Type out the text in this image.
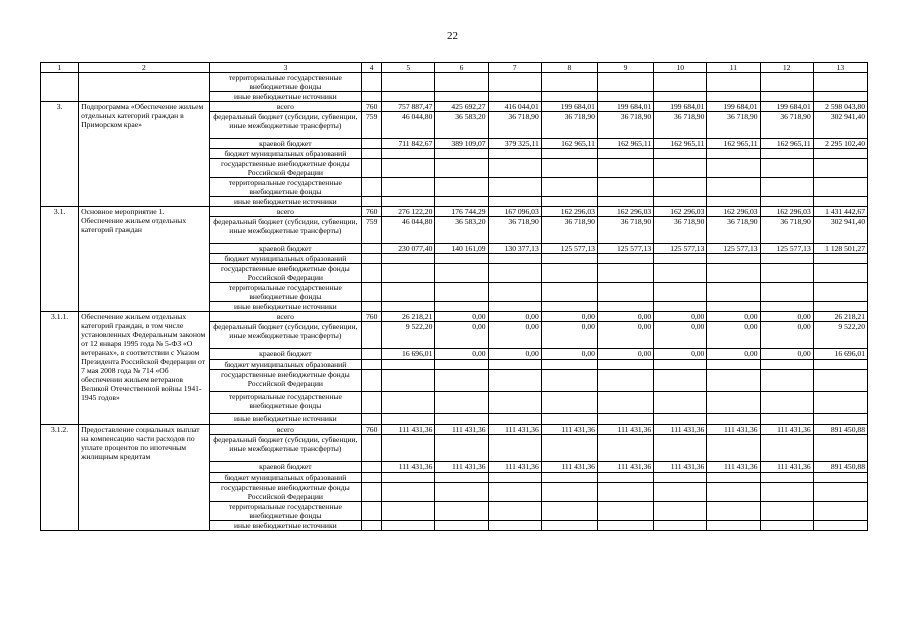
22
1	2	3	4	5	6	7	8	9	10	11	12	13
		территориальные государственные внебюджетные фонды										
		иные внебюджетные источники										
3.	Подпрограмма «Обеспечение жильем отдельных категорий граждан в Приморском крае»	всего	760	757 887,47	425 692,27	416 044,01	199 684,01	199 684,01	199 684,01	199 684,01	199 684,01	2 598 043,80
		федеральный бюджет (субсидии, субвенции, иные межбюджетные трансферты)	759	46 044,80	36 583,20	36 718,90	36 718,90	36 718,90	36 718,90	36 718,90	36 718,90	302 941,40
		краевой бюджет		711 842,67	389 109,07	379 325,11	162 965,11	162 965,11	162 965,11	162 965,11	162 965,11	2 295 102,40
		бюджет муниципальных образований										
		государственные внебюджетные фонды Российской Федерации										
		территориальные государственные внебюджетные фонды										
		иные внебюджетные источники										
3.1.	Основное мероприятие 1. Обеспечение жильем отдельных категорий граждан	всего	760	276 122,20	176 744,29	167 096,03	162 296,03	162 296,03	162 296,03	162 296,03	162 296,03	1 431 442,67
		федеральный бюджет (субсидии, субвенции, иные межбюджетные трансферты)	759	46 044,80	36 583,20	36 718,90	36 718,90	36 718,90	36 718,90	36 718,90	36 718,90	302 941,40
		краевой бюджет		230 077,40	140 161,09	130 377,13	125 577,13	125 577,13	125 577,13	125 577,13	125 577,13	1 128 501,27
		бюджет муниципальных образований										
		государственные внебюджетные фонды Российской Федерации										
		территориальные государственные внебюджетные фонды										
		иные внебюджетные источники										
3.1.1.	Обеспечение жильем отдельных категорий граждан, в том числе установленных Федеральным законом от 12 января 1995 года № 5-ФЗ «О ветеранах», в соответствии с Указом Президента Российской Федерации от 7 мая 2008 года № 714 «Об обеспечении жильем ветеранов Великой Отечественной войны 1941-1945 годов»	всего	760	26 218,21	0,00	0,00	0,00	0,00	0,00	0,00	0,00	26 218,21
		федеральный бюджет (субсидии, субвенции, иные межбюджетные трансферты)		9 522,20	0,00	0,00	0,00	0,00	0,00	0,00	0,00	9 522,20
		краевой бюджет		16 696,01	0,00	0,00	0,00	0,00	0,00	0,00	0,00	16 696,01
		бюджет муниципальных образований										
		государственные внебюджетные фонды Российской Федерации										
		территориальные государственные внебюджетные фонды										
		иные внебюджетные источники										
3.1.2.	Предоставление социальных выплат на компенсацию части расходов по уплате процентов по ипотечным жилищным кредитам	всего	760	111 431,36	111 431,36	111 431,36	111 431,36	111 431,36	111 431,36	111 431,36	111 431,36	891 450,88
		федеральный бюджет (субсидии, субвенции, иные межбюджетные трансферты)										
		краевой бюджет		111 431,36	111 431,36	111 431,36	111 431,36	111 431,36	111 431,36	111 431,36	111 431,36	891 450,88
		бюджет муниципальных образований										
		государственные внебюджетные фонды Российской Федерации										
		территориальные государственные внебюджетные фонды										
		иные внебюджетные источники										
